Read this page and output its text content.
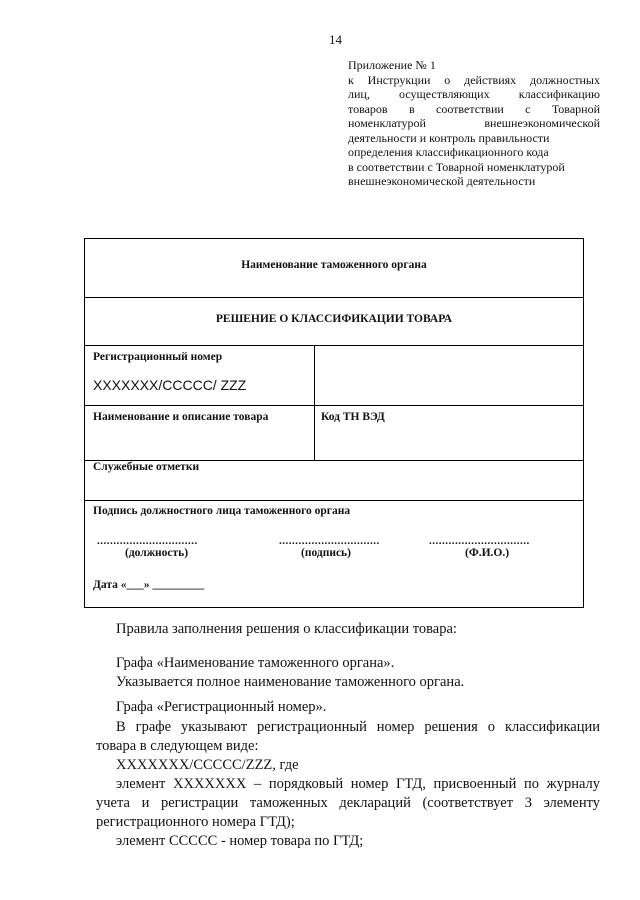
14
Приложение № 1
к Инструкции о действиях должностных
лиц, осуществляющих классификацию
товаров в соответствии с Товарной
номенклатурой внешнеэкономической
деятельности и контроль правильности
определения классификационного кода
в соответствии с Товарной номенклатурой
внешнеэкономической деятельности
Наименование таможенного органа
РЕШЕНИЕ О КЛАССИФИКАЦИИ ТОВАРА
Регистрационный номер
XXXXXXX/CCCCC/ ZZZ
Наименование и описание товара	Код ТН ВЭД
Служебные отметки
Подпись должностного лица таможенного органа
...............................	...............................	...............................
(должность)	(подпись)	(Ф.И.О.)
Дата «___» _________
Правила заполнения решения о классификации товара:
Графа «Наименование таможенного органа».
Указывается полное наименование таможенного органа.
Графа «Регистрационный номер».
В графе указывают регистрационный номер решения о классификации
товара в следующем виде:
XXXXXXX/CCCCC/ZZZ, где
элемент XXXXXXX – порядковый номер ГТД, присвоенный по журналу
учета и регистрации таможенных деклараций (соответствует 3 элементу
регистрационного номера ГТД);
элемент CCCCC - номер товара по ГТД;
